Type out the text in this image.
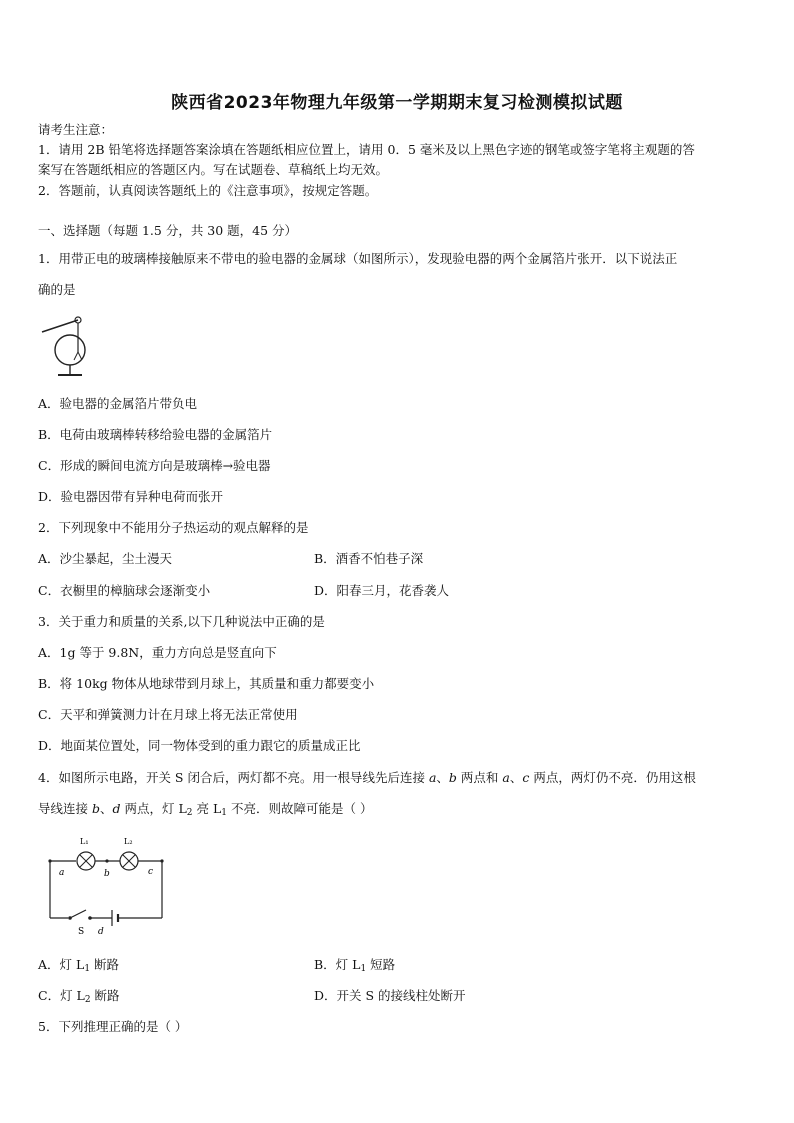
陕西省2023年物理九年级第一学期期末复习检测模拟试题
请考生注意：
1．请用 2B 铅笔将选择题答案涂填在答题纸相应位置上，请用 0．5 毫米及以上黑色字迹的钢笔或签字笔将主观题的答
案写在答题纸相应的答题区内。写在试题卷、草稿纸上均无效。
2．答题前，认真阅读答题纸上的《注意事项》，按规定答题。
一、选择题（每题 1.5 分，共 30 题，45 分）
1．用带正电的玻璃棒接触原来不带电的验电器的金属球（如图所示），发现验电器的两个金属箔片张开．以下说法正
确的是
A．验电器的金属箔片带负电
B．电荷由玻璃棒转移给验电器的金属箔片
C．形成的瞬间电流方向是玻璃棒→验电器
D．验电器因带有异种电荷而张开
2．下列现象中不能用分子热运动的观点解释的是
A．沙尘暴起，尘土漫天	B．酒香不怕巷子深
C．衣橱里的樟脑球会逐渐变小	D．阳春三月，花香袭人
3．关于重力和质量的关系,以下几种说法中正确的是
A．1g 等于 9.8N，重力方向总是竖直向下
B．将 10kg 物体从地球带到月球上，其质量和重力都要变小
C．天平和弹簧测力计在月球上将无法正常使用
D．地面某位置处，同一物体受到的重力跟它的质量成正比
4．如图所示电路，开关 S 闭合后，两灯都不亮。用一根导线先后连接 a、b 两点和 a、c 两点，两灯仍不亮．仍用这根
导线连接 b、d 两点，灯 $L_2$ 亮 $L_1$ 不亮．则故障可能是（ ）
L₁	L₂
a	b	c
S d
A．灯 $L_1$ 断路	B．灯 $L_1$ 短路
C．灯 $L_2$ 断路	D．开关 S 的接线柱处断开
5．下列推理正确的是（ ）
